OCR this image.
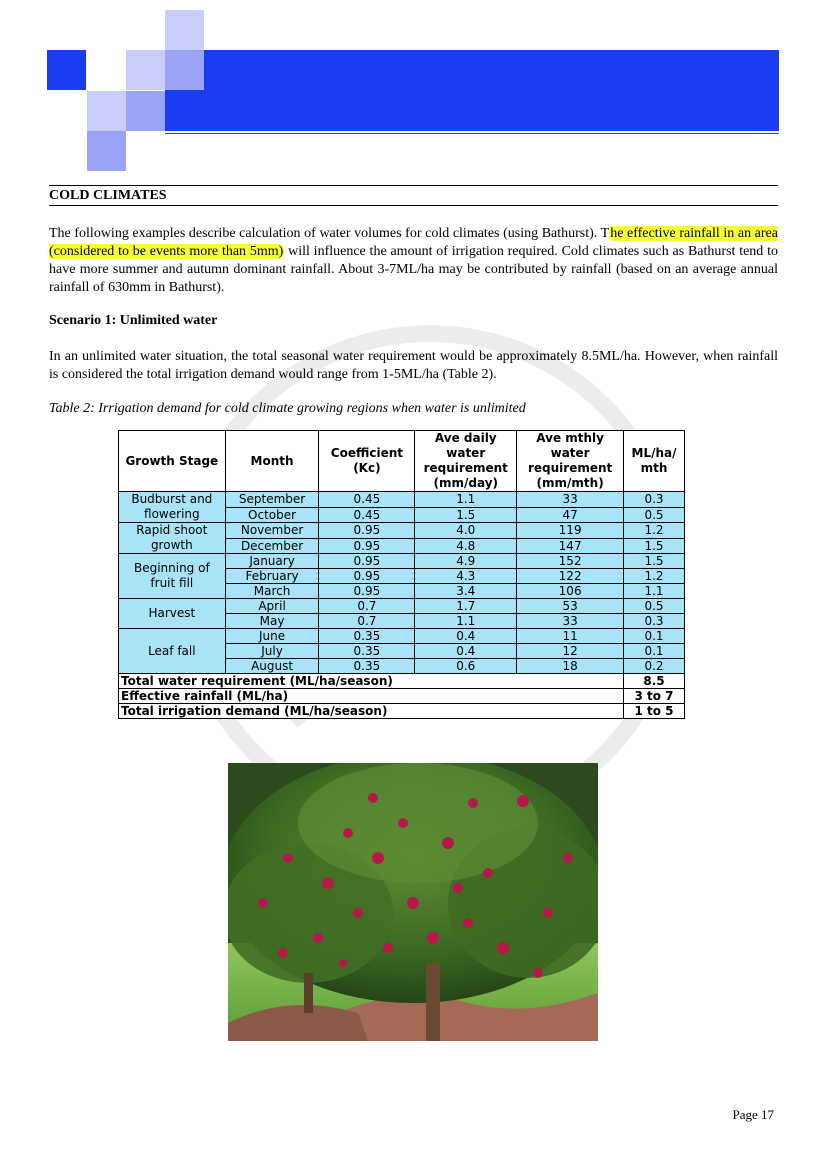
COLD CLIMATES
The following examples describe calculation of water volumes for cold climates (using Bathurst). The effective rainfall in an area (considered to be events more than 5mm) will influence the amount of irrigation required. Cold climates such as Bathurst tend to have more summer and autumn dominant rainfall. About 3-7ML/ha may be contributed by rainfall (based on an average annual rainfall of 630mm in Bathurst).
Scenario 1: Unlimited water
In an unlimited water situation, the total seasonal water requirement would be approximately 8.5ML/ha. However, when rainfall is considered the total irrigation demand would range from 1-5ML/ha (Table 2).
Table 2: Irrigation demand for cold climate growing regions when water is unlimited
Growth Stage	Month	Coefficient (Kc)	Ave daily water requirement (mm/day)	Ave mthly water requirement (mm/mth)	ML/ha/ mth
Budburst and flowering	September	0.45	1.1	33	0.3
	October	0.45	1.5	47	0.5
Rapid shoot growth	November	0.95	4.0	119	1.2
	December	0.95	4.8	147	1.5
Beginning of fruit fill	January	0.95	4.9	152	1.5
	February	0.95	4.3	122	1.2
	March	0.95	3.4	106	1.1
Harvest	April	0.7	1.7	53	0.5
	May	0.7	1.1	33	0.3
Leaf fall	June	0.35	0.4	11	0.1
	July	0.35	0.4	12	0.1
	August	0.35	0.6	18	0.2
Total water requirement (ML/ha/season)					8.5
Effective rainfall (ML/ha)					3 to 7
Total irrigation demand (ML/ha/season)					1 to 5
Page 17
